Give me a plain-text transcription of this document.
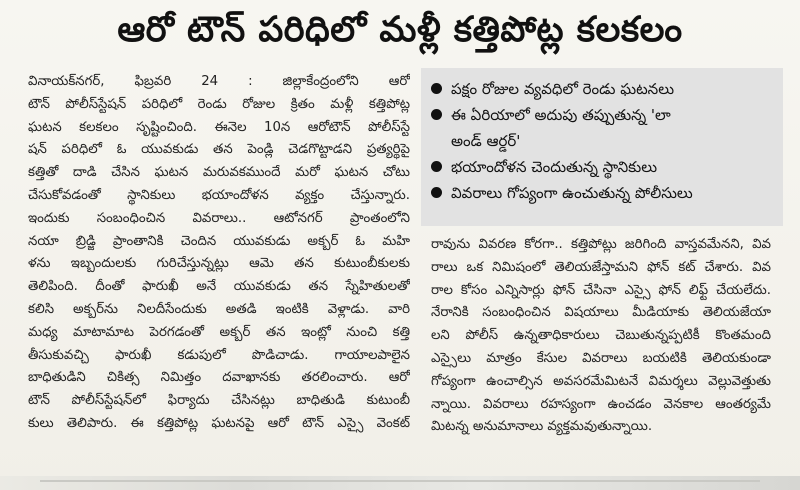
ఆరో టౌన్ పరిధిలో మళ్లీ కత్తిపోట్ల కలకలం
వినాయక్‌నగర్, ఫిబ్రవరి 24 : జిల్లాకేంద్రంలోని ఆరో
టౌన్ పోలీస్‌స్టేషన్ పరిధిలో రెండు రోజుల క్రితం మళ్లీ కత్తిపోట్ల
ఘటన కలకలం సృష్టించింది. ఈనెల 10న ఆరోటౌన్ పోలీస్‌స్టే
షన్ పరిధిలో ఓ యువకుడు తన పెండ్లి చెడగొట్టాడని ప్రత్యర్థిపై
కత్తితో దాడి చేసిన ఘటన మరువకముందే మరో ఘటన చోటు
చేసుకోవడంతో స్థానికులు భయాందోళన వ్యక్తం చేస్తున్నారు.
ఇందుకు సంబంధించిన వివరాలు.. ఆటోనగర్ ప్రాంతంలోని
నయా బ్రిడ్జి ప్రాంతానికి చెందిన యువకుడు అక్బర్ ఓ మహి
ళను ఇబ్బందులకు గురిచేస్తున్నట్లు ఆమె తన కుటుంబీకులకు
తెలిపింది. దీంతో ఫారుఖీ అనే యువకుడు తన స్నేహితులతో
కలిసి అక్బర్‌ను నిలదీసేందుకు అతడి ఇంటికి వెళ్లాడు. వారి
మధ్య మాటామాట పెరగడంతో అక్బర్ తన ఇంట్లో నుంచి కత్తి
తీసుకువచ్చి ఫారుఖీ కడుపులో పొడిచాడు. గాయాలపాలైన
బాధితుడిని చికిత్స నిమిత్తం దవాఖానకు తరలించారు. ఆరో
టౌన్ పోలీస్‌స్టేషన్‌లో ఫిర్యాదు చేసినట్లు బాధితుడి కుటుంబీ
కులు తెలిపారు. ఈ కత్తిపోట్ల ఘటనపై ఆరో టౌన్ ఎస్సై వెంకట్
పక్షం రోజుల వ్యవధిలో రెండు ఘటనలు
ఈ ఏరియాలో అదుపు తప్పుతున్న 'లా అండ్ ఆర్డర్'
భయాందోళన చెందుతున్న స్థానికులు
వివరాలు గోప్యంగా ఉంచుతున్న పోలీసులు
రావును వివరణ కోరగా.. కత్తిపోట్లు జరిగింది వాస్తవమేనని, వివ
రాలు ఒక నిమిషంలో తెలియజేస్తామని ఫోన్ కట్ చేశారు. వివ
రాల కోసం ఎన్నిసార్లు ఫోన్ చేసినా ఎస్సై ఫోన్ లిఫ్ట్ చేయలేదు.
నేరానికి సంబంధించిన విషయాలు మీడియాకు తెలియజేయా
లని పోలీస్ ఉన్నతాధికారులు చెబుతున్నప్పటికీ కొంతమంది
ఎస్సైలు మాత్రం కేసుల వివరాలు బయటికి తెలియకుండా
గోప్యంగా ఉంచాల్సిన అవసరమేమిటనే విమర్శలు వెల్లువెత్తుతు
న్నాయి. వివరాలు రహస్యంగా ఉంచడం వెనకాల ఆంతర్యమే
మిటన్న అనుమానాలు వ్యక్తమవుతున్నాయి.
